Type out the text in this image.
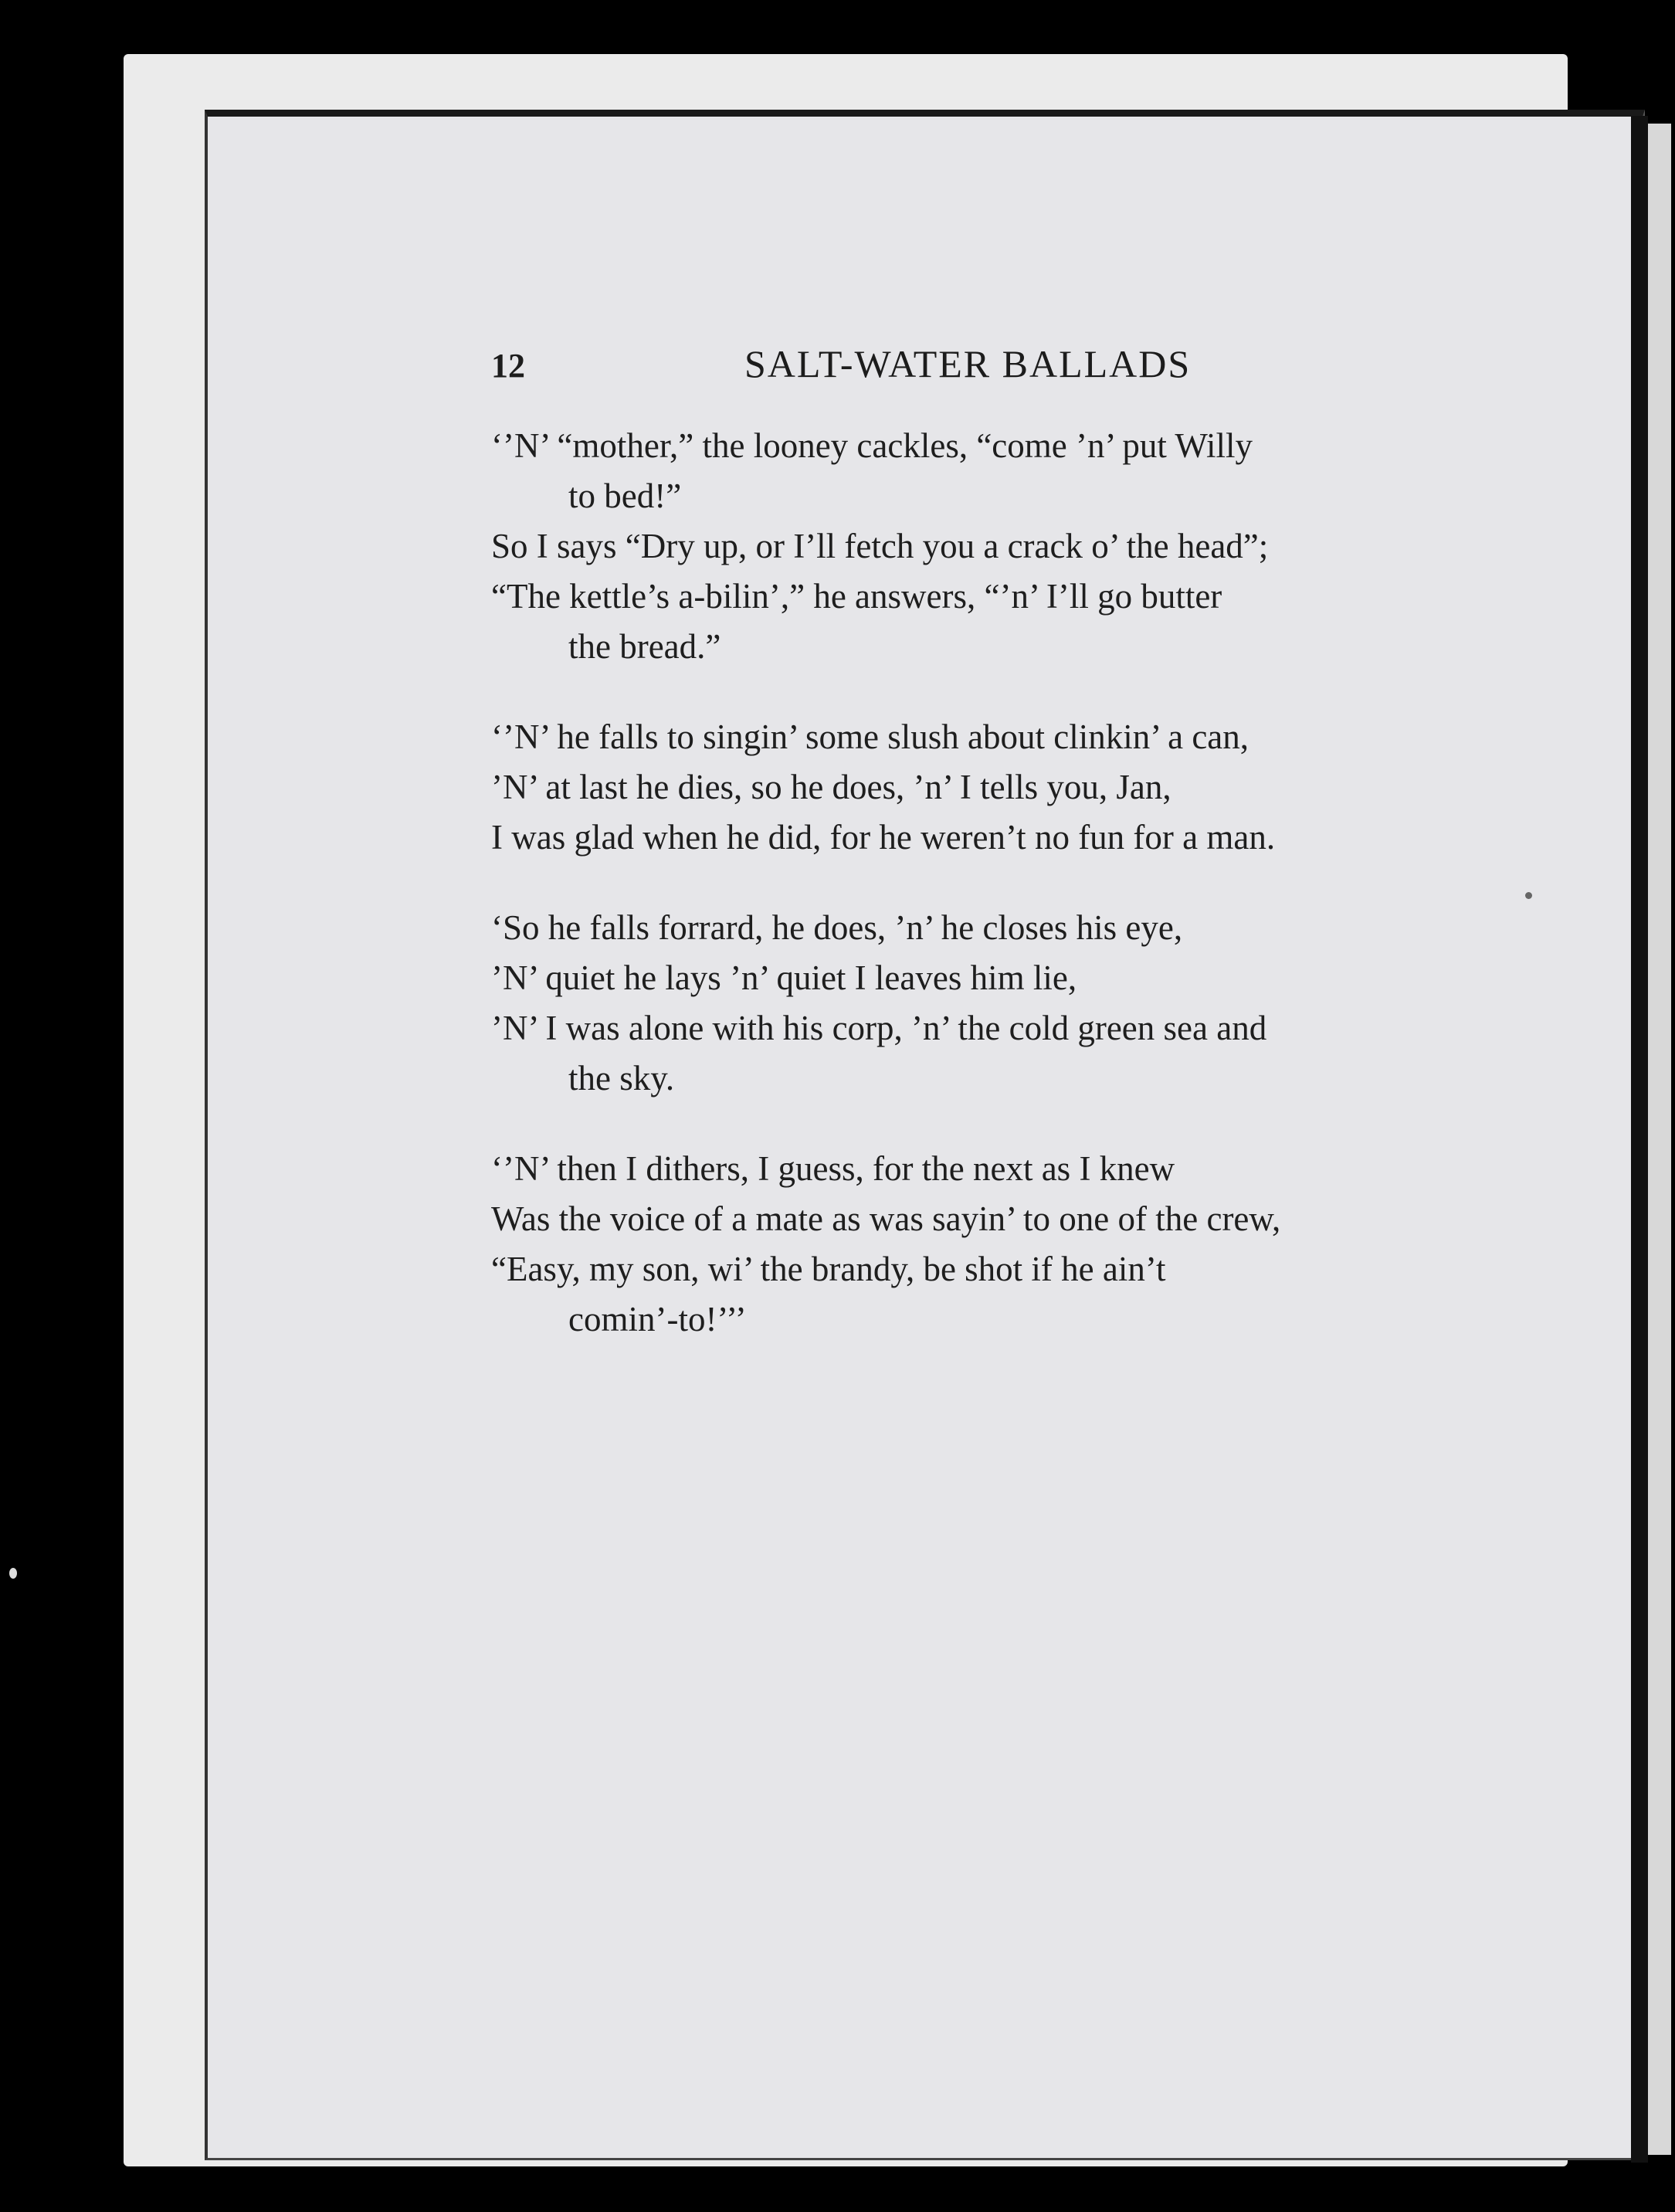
12	SALT-WATER BALLADS
‘’N’ “mother,” the looney cackles, “come ’n’ put Willy
to bed!”
So I says “Dry up, or I’ll fetch you a crack o’ the head”;
“The kettle’s a-bilin’,” he answers, “’n’ I’ll go butter
the bread.”
‘’N’ he falls to singin’ some slush about clinkin’ a can,
’N’ at last he dies, so he does, ’n’ I tells you, Jan,
I was glad when he did, for he weren’t no fun for a man.
‘So he falls forrard, he does, ’n’ he closes his eye,
’N’ quiet he lays ’n’ quiet I leaves him lie,
’N’ I was alone with his corp, ’n’ the cold green sea and
the sky.
‘’N’ then I dithers, I guess, for the next as I knew
Was the voice of a mate as was sayin’ to one of the crew,
“Easy, my son, wi’ the brandy, be shot if he ain’t
comin’-to!’’’
